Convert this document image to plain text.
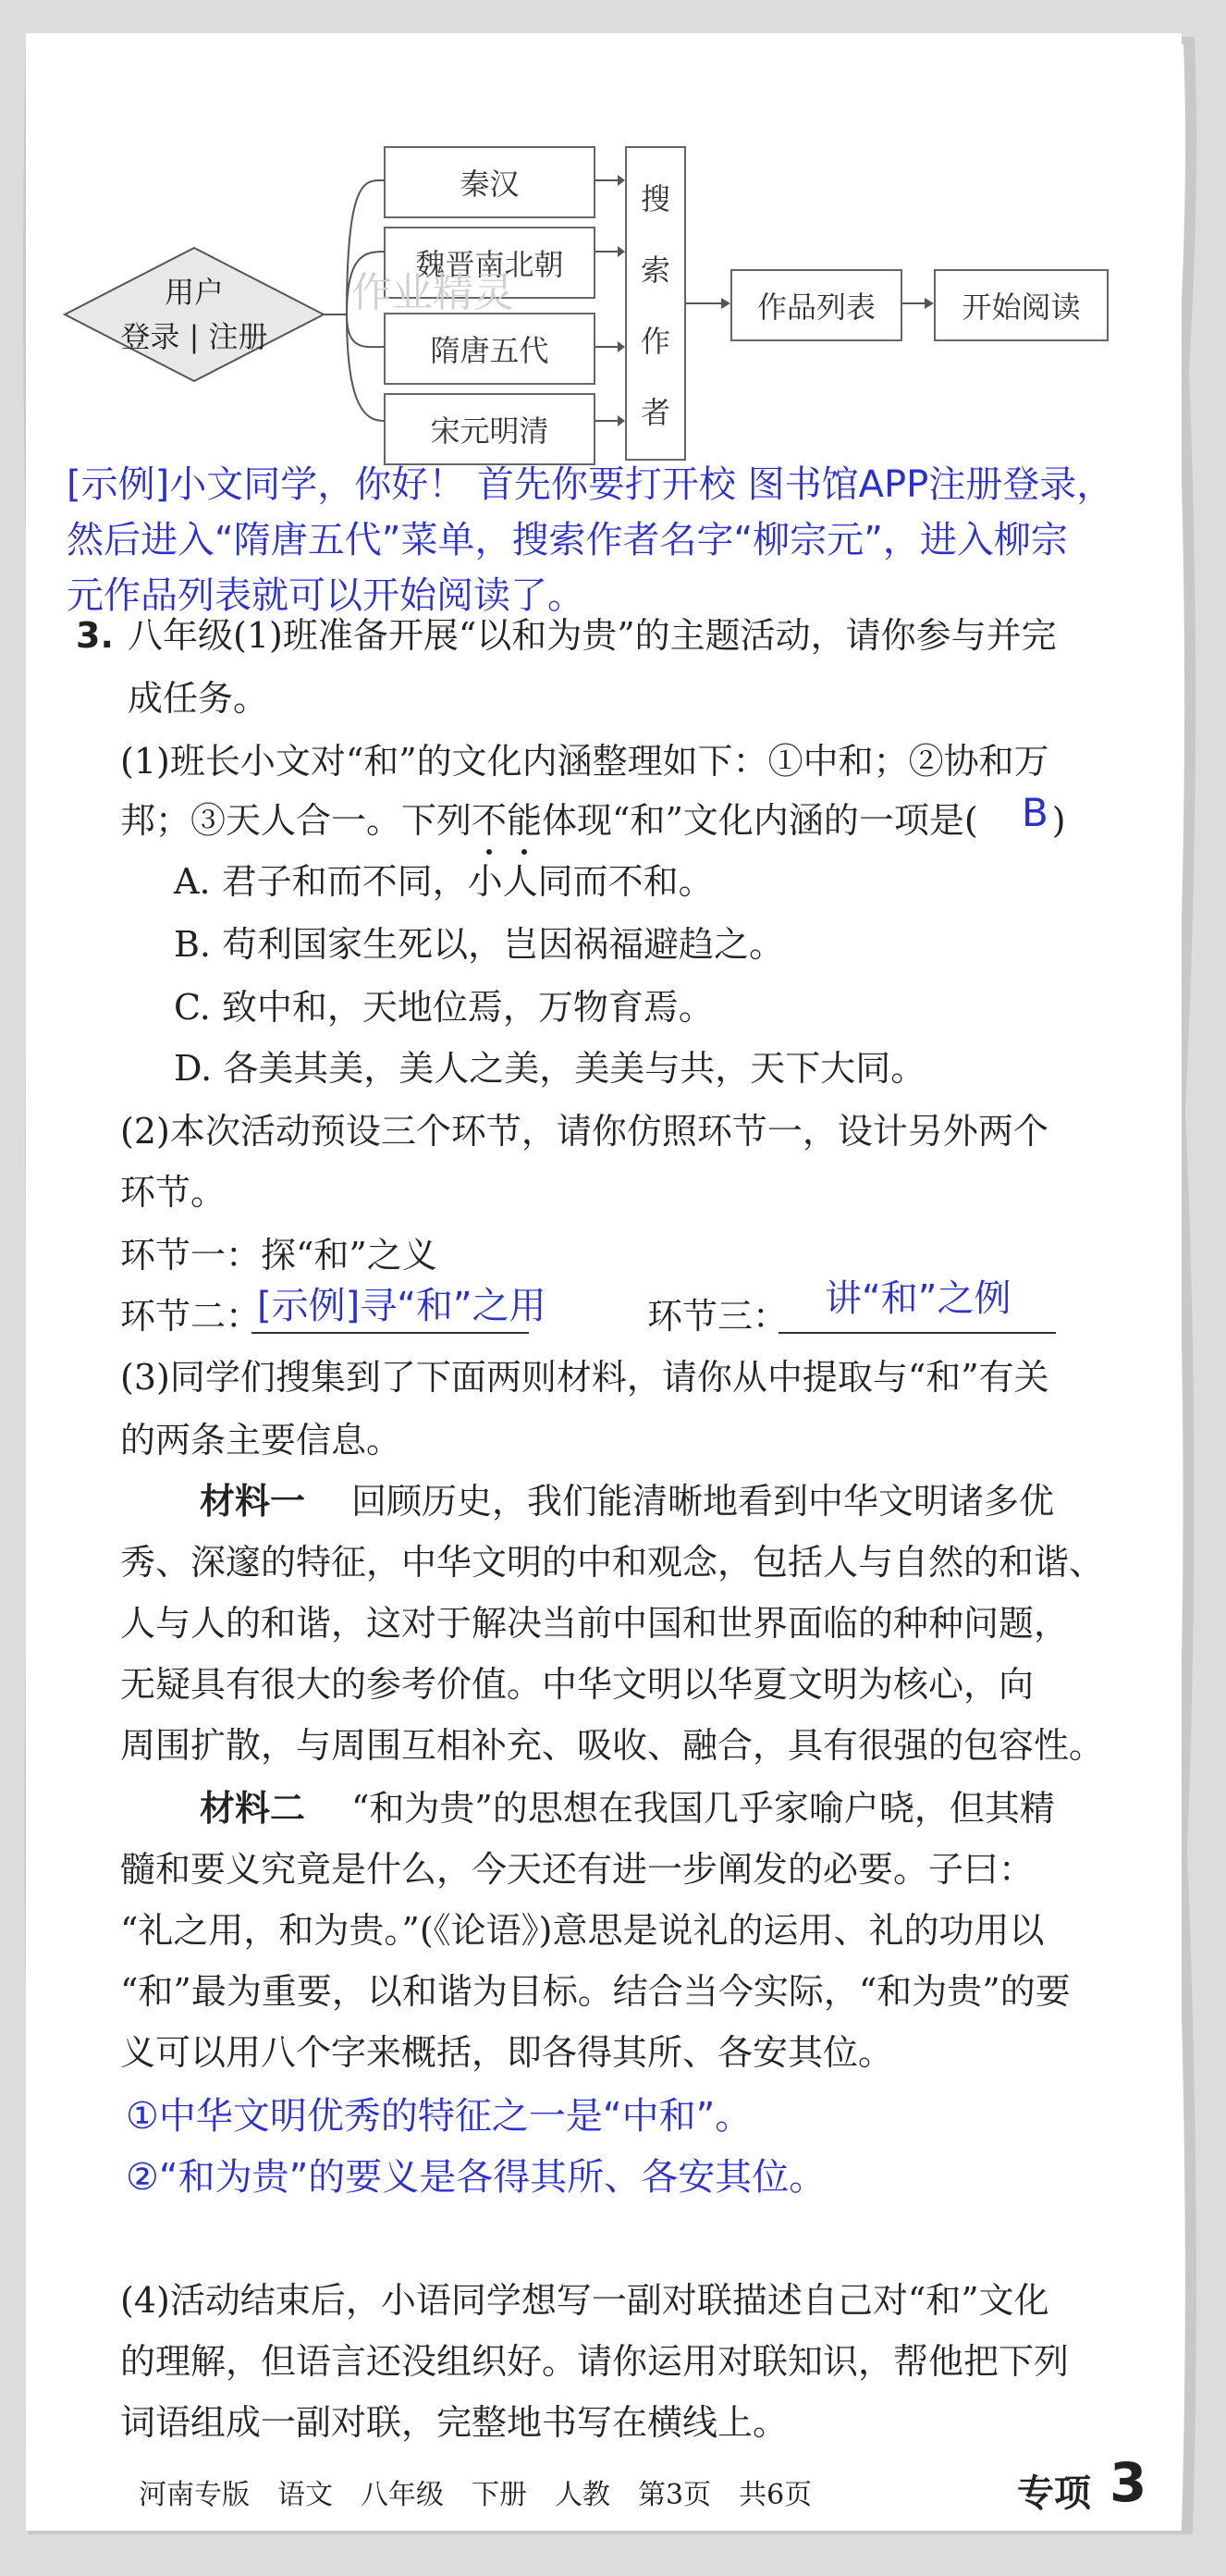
用户
登录 | 注册
秦汉
魏晋南北朝
隋唐五代
宋元明清
搜
索
作
者
作品列表	开始阅读
作业精灵
[示例]小文同学，你好！ 首先你要打开校 图书馆APP注册登录，
然后进入“隋唐五代”菜单，搜索作者名字“柳宗元”，进入柳宗
元作品列表就可以开始阅读了。
3. 八年级(1)班准备开展“以和为贵”的主题活动，请你参与并完
成任务。
(1)班长小文对“和”的文化内涵整理如下：①中和；②协和万
邦；③天人合一。下列不能体现“和”文化内涵的一项是( )
B
A. 君子和而不同，小人同而不和。
B. 苟利国家生死以，岂因祸福避趋之。
C. 致中和，天地位焉，万物育焉。
D. 各美其美，美人之美，美美与共，天下大同。
(2)本次活动预设三个环节，请你仿照环节一，设计另外两个
环节。
环节一：探“和”之义
环节二：
[示例]寻“和”之用	环节三： 讲“和”之例
(3)同学们搜集到了下面两则材料，请你从中提取与“和”有关
的两条主要信息。
材料一 回顾历史，我们能清晰地看到中华文明诸多优
秀、深邃的特征，中华文明的中和观念，包括人与自然的和谐、
人与人的和谐，这对于解决当前中国和世界面临的种种问题，
无疑具有很大的参考价值。中华文明以华夏文明为核心，向
周围扩散，与周围互相补充、吸收、融合，具有很强的包容性。
材料二 “和为贵”的思想在我国几乎家喻户晓，但其精
髓和要义究竟是什么，今天还有进一步阐发的必要。子曰：
“礼之用，和为贵。”(《论语》)意思是说礼的运用、礼的功用以
“和”最为重要，以和谐为目标。结合当今实际，“和为贵”的要
义可以用八个字来概括，即各得其所、各安其位。
①中华文明优秀的特征之一是“中和”。
②“和为贵”的要义是各得其所、各安其位。
(4)活动结束后，小语同学想写一副对联描述自己对“和”文化
的理解，但语言还没组织好。请你运用对联知识，帮他把下列
词语组成一副对联，完整地书写在横线上。
河南专版　语文　八年级　下册　人教　第3页　共6页	专项 3
